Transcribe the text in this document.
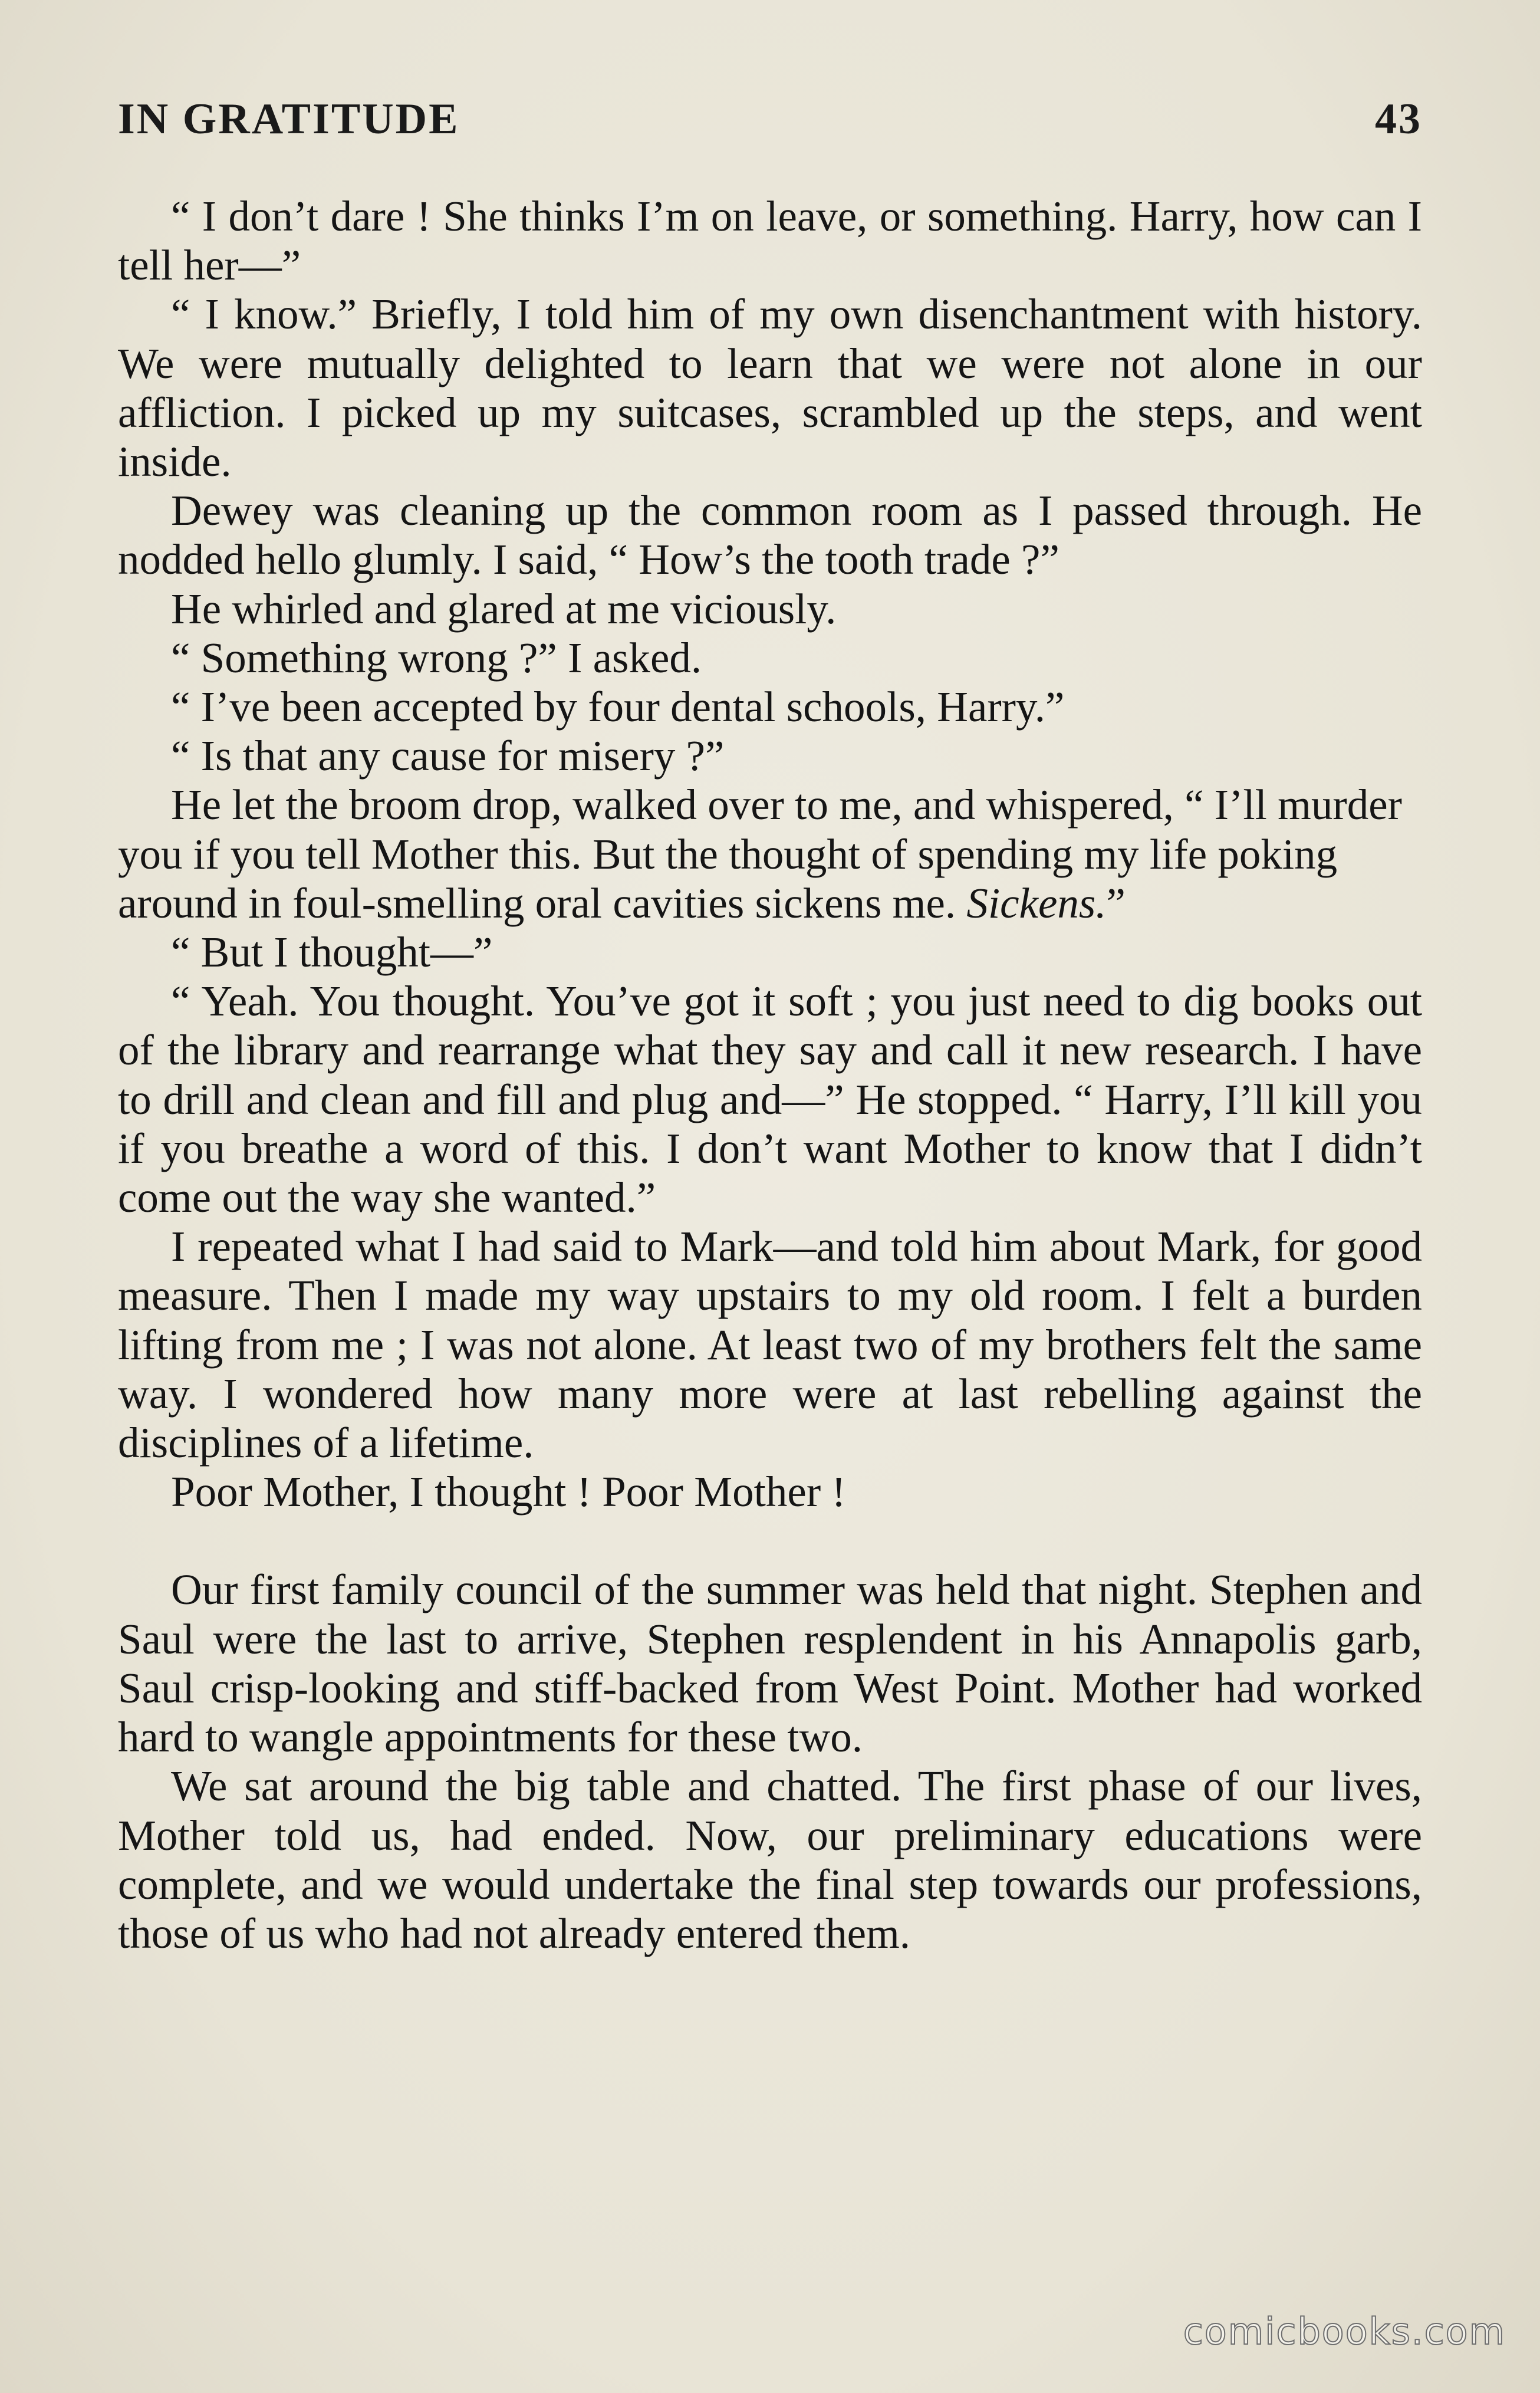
IN GRATITUDE	43

“ I don’t dare ! She thinks I’m on leave, or something. Harry, how can I tell her—”

“ I know.” Briefly, I told him of my own disenchantment with history. We were mutually delighted to learn that we were not alone in our affliction. I picked up my suitcases, scrambled up the steps, and went inside.

Dewey was cleaning up the common room as I passed through. He nodded hello glumly. I said, “ How’s the tooth trade ?”

He whirled and glared at me viciously.

“ Something wrong ?” I asked.

“ I’ve been accepted by four dental schools, Harry.”

“ Is that any cause for misery ?”

He let the broom drop, walked over to me, and whispered, “ I’ll murder you if you tell Mother this. But the thought of spending my life poking around in foul-smelling oral cavities sickens me. Sickens.”

“ But I thought—”

“ Yeah. You thought. You’ve got it soft ; you just need to dig books out of the library and rearrange what they say and call it new research. I have to drill and clean and fill and plug and—” He stopped. “ Harry, I’ll kill you if you breathe a word of this. I don’t want Mother to know that I didn’t come out the way she wanted.”

I repeated what I had said to Mark—and told him about Mark, for good measure. Then I made my way upstairs to my old room. I felt a burden lifting from me ; I was not alone. At least two of my brothers felt the same way. I wondered how many more were at last rebelling against the disciplines of a lifetime.

Poor Mother, I thought ! Poor Mother !

Our first family council of the summer was held that night. Stephen and Saul were the last to arrive, Stephen resplendent in his Annapolis garb, Saul crisp-looking and stiff-backed from West Point. Mother had worked hard to wangle appointments for these two.

We sat around the big table and chatted. The first phase of our lives, Mother told us, had ended. Now, our preliminary educations were complete, and we would undertake the final step towards our professions, those of us who had not already entered them.

comicbooks.com
